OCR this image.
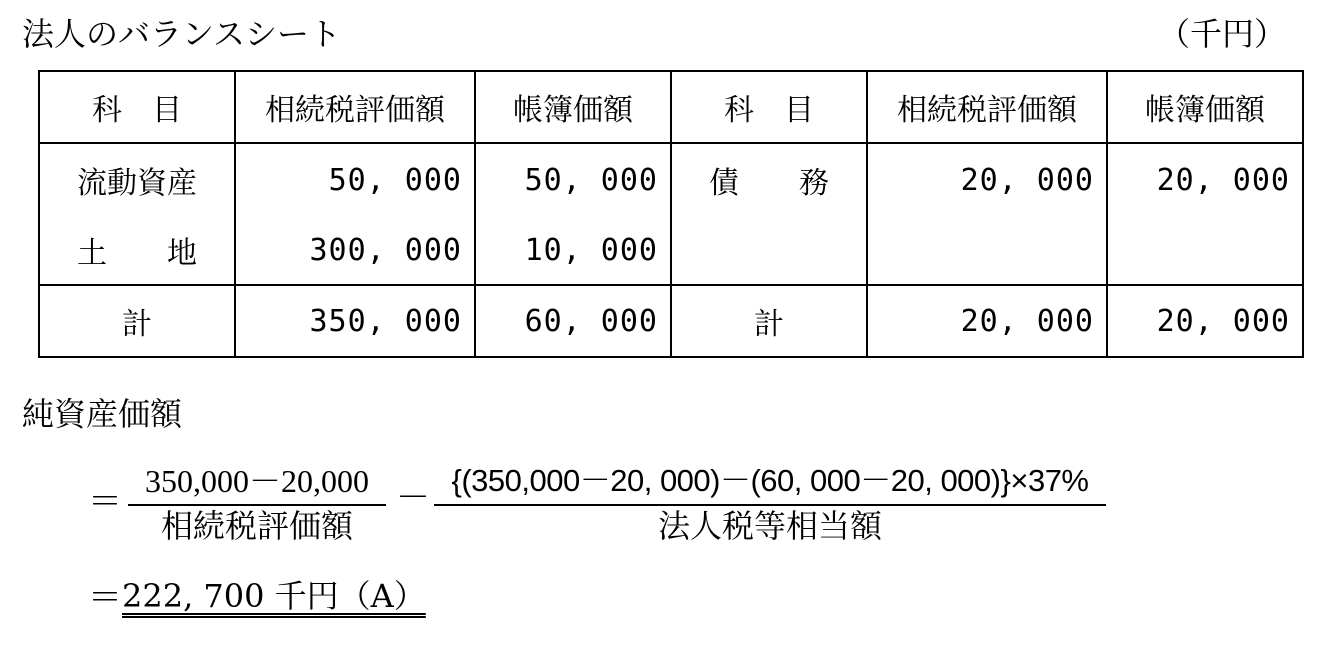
法人のバランスシート	（千円）
科　目	相続税評価額	帳簿価額	科　目	相続税評価額	帳簿価額
流動資産	50, 000	50, 000	債　　務	20, 000	20, 000
土　　地	300, 000	10, 000			
計	350, 000	60, 000	計	20, 000	20, 000
純資産価額
＝
350,000－20,000
相続税評価額
－ {(350,000－20, 000)－(60, 000－20, 000)}×37%
法人税等相当額
＝ 222, 700 千円（A）
